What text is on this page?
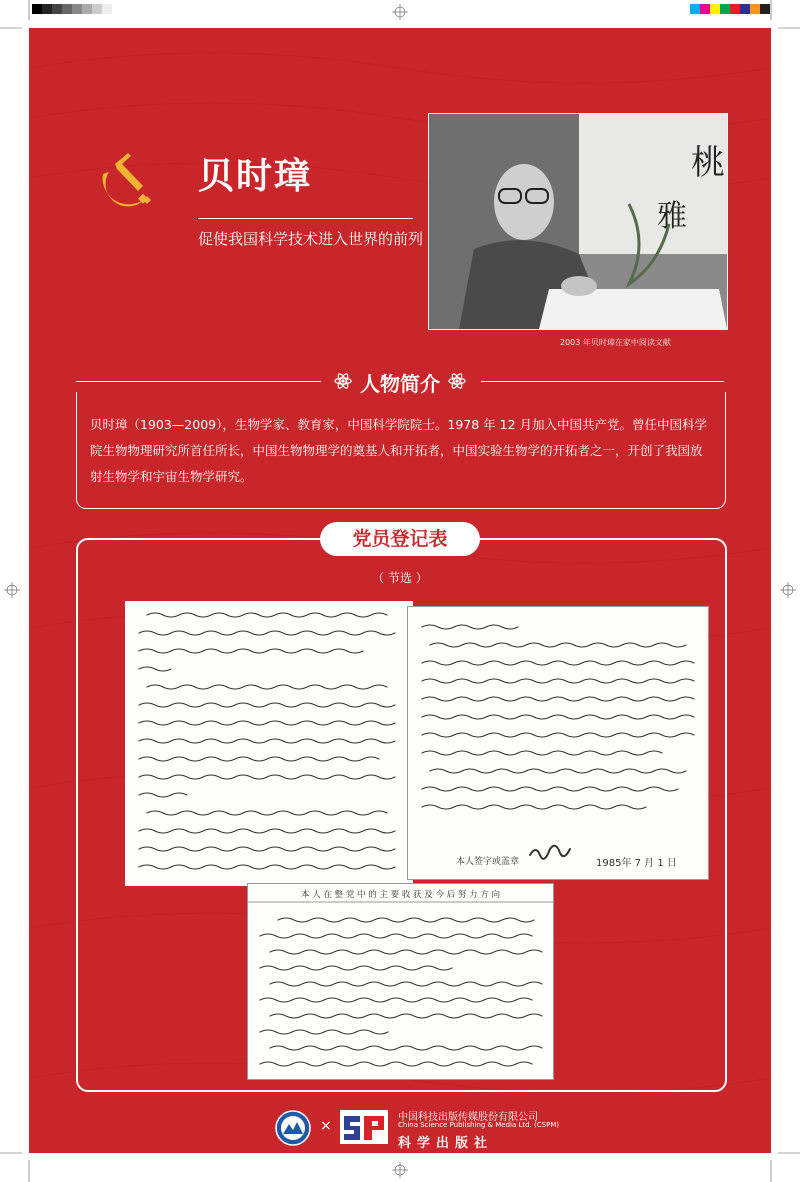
贝时璋
促使我国科学技术进入世界的前列
桃
雅
2003 年贝时璋在家中阅读文献
人物简介
贝时璋（1903—2009），生物学家、教育家，中国科学院院士。1978 年 12 月加入中国共产党。曾任中国科学院生物物理研究所首任所长，中国生物物理学的奠基人和开拓者，中国实验生物学的开拓者之一，开创了我国放射生物学和宇宙生物学研究。
党员登记表
（ 节选 ）
本人签字或盖章	1985年 7 月 1 日
本 人 在 整 党 中 的 主 要 收 获 及 今 后 努 力 方 向
×
中国科技出版传媒股份有限公司
China Science Publishing & Media Ltd. (CSPM)
科学出版社
